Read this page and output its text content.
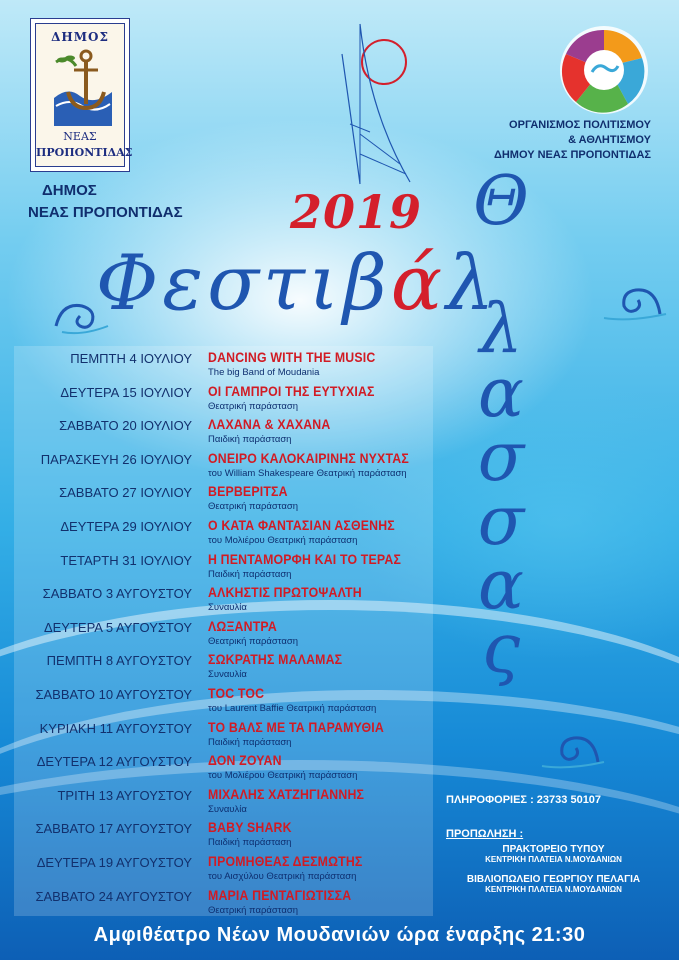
ΔΗΜΟΣ
ΝΕΑΣ
ΠΡΟΠΟΝΤΙΔΑΣ
ΔΗΜΟΣ
ΝΕΑΣ ΠΡΟΠΟΝΤΙΔΑΣ
ΟΡΓΑΝΙΣΜΟΣ ΠΟΛΙΤΙΣΜΟΥ
& ΑΘΛΗΤΙΣΜΟΥ
ΔΗΜΟΥ ΝΕΑΣ ΠΡΟΠΟΝΤΙΔΑΣ
2019
Φεστιβάλ
Θ
λ
α
σ
σ
α
ς
ΠΕΜΠΤΗ 4 ΙΟΥΛΙΟΥ DANCING WITH THE MUSIC
The big Band of Moudania
ΔΕΥΤΕΡΑ 15 ΙΟΥΛΙΟΥ ΟΙ ΓΑΜΠΡΟΙ ΤΗΣ ΕΥΤΥΧΙΑΣ
Θεατρική παράσταση
ΣΑΒΒΑΤΟ 20 ΙΟΥΛΙΟΥ ΛΑΧΑΝΑ & ΧΑΧΑΝΑ
Παιδική παράσταση
ΠΑΡΑΣΚΕΥΗ 26 ΙΟΥΛΙΟΥ ΟΝΕΙΡΟ ΚΑΛΟΚΑΙΡΙΝΗΣ ΝΥΧΤΑΣ
του William Shakespeare Θεατρική παράσταση
ΣΑΒΒΑΤΟ 27 ΙΟΥΛΙΟΥ ΒΕΡΒΕΡΙΤΣΑ
Θεατρική παράσταση
ΔΕΥΤΕΡΑ 29 ΙΟΥΛΙΟΥ Ο ΚΑΤΑ ΦΑΝΤΑΣΙΑΝ ΑΣΘΕΝΗΣ
του Μολιέρου Θεατρική παράσταση
ΤΕΤΑΡΤΗ 31 ΙΟΥΛΙΟΥ Η ΠΕΝΤΑΜΟΡΦΗ ΚΑΙ ΤΟ ΤΕΡΑΣ
Παιδική παράσταση
ΣΑΒΒΑΤΟ 3 ΑΥΓΟΥΣΤΟΥ ΑΛΚΗΣΤΙΣ ΠΡΩΤΟΨΑΛΤΗ
Συναυλία
ΔΕΥΤΕΡΑ 5 ΑΥΓΟΥΣΤΟΥ ΛΩΞΑΝΤΡΑ
Θεατρική παράσταση
ΠΕΜΠΤΗ 8 ΑΥΓΟΥΣΤΟΥ ΣΩΚΡΑΤΗΣ ΜΑΛΑΜΑΣ
Συναυλία
ΣΑΒΒΑΤΟ 10 ΑΥΓΟΥΣΤΟΥ ΤΟC ΤΟC
του Laurent Baffie Θεατρική παράσταση
ΚΥΡΙΑΚΗ 11 ΑΥΓΟΥΣΤΟΥ ΤΟ ΒΑΛΣ ΜΕ ΤΑ ΠΑΡΑΜΥΘΙΑ
Παιδική παράσταση
ΔΕΥΤΕΡΑ 12 ΑΥΓΟΥΣΤΟΥ ΔΟΝ ΖΟΥΑΝ
του Μολιέρου Θεατρική παράσταση
ΤΡΙΤΗ 13 ΑΥΓΟΥΣΤΟΥ ΜΙΧΑΛΗΣ ΧΑΤΖΗΓΙΑΝΝΗΣ
Συναυλία
ΣΑΒΒΑΤΟ 17 ΑΥΓΟΥΣΤΟΥ BABY SHARK
Παιδική παράσταση
ΔΕΥΤΕΡΑ 19 ΑΥΓΟΥΣΤΟΥ ΠΡΟΜΗΘΕΑΣ ΔΕΣΜΩΤΗΣ
του Αισχύλου Θεατρική παράσταση
ΣΑΒΒΑΤΟ 24 ΑΥΓΟΥΣΤΟΥ ΜΑΡΙΑ ΠΕΝΤΑΓΙΩΤΙΣΣΑ
Θεατρική παράσταση
ΠΛΗΡΟΦΟΡΙΕΣ : 23733 50107
ΠΡΟΠΩΛΗΣΗ :
ΠΡΑΚΤΟΡΕΙΟ ΤΥΠΟΥ
ΚΕΝΤΡΙΚΗ ΠΛΑΤΕΙΑ Ν.ΜΟΥΔΑΝΙΩΝ
ΒΙΒΛΙΟΠΩΛΕΙΟ ΓΕΩΡΓΙΟΥ ΠΕΛΑΓΙΑ
ΚΕΝΤΡΙΚΗ ΠΛΑΤΕΙΑ Ν.ΜΟΥΔΑΝΙΩΝ
Αμφιθέατρο Νέων Μουδανιών ώρα έναρξης 21:30
